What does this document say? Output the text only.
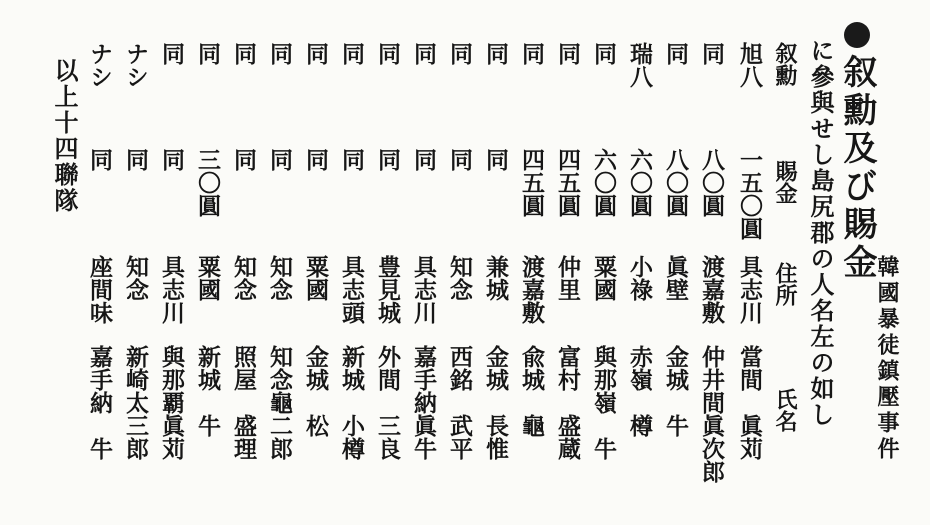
叙勳及び賜金
韓國暴徒鎮壓事件
に參與せし島尻郡の人名左の如し
叙勳
賜金
住所
氏名
旭八
一五〇圓
具志川
當間　眞苅
同
八〇圓
渡嘉敷
仲井間眞次郎
同
八〇圓
眞壁
金城　牛
瑞八
六〇圓
小祿
赤嶺　樽
同
六〇圓
粟國
與那嶺　牛
同
四五圓
仲里
富村　盛蔵
同
四五圓
渡嘉敷
兪城　龜
同
同
兼城
金城　長惟
同
同
知念
西銘　武平
同
同
具志川
嘉手納眞牛
同
同
豊見城
外間　三良
同
同
具志頭
新城　小樽
同
同
粟國
金城　松
同
同
知念
知念龜二郎
同
同
知念
照屋　盛理
同
三〇圓
粟國
新城　牛
同
同
具志川
與那覇眞苅
ナシ
同
知念
新崎太三郎
ナシ
同
座間味
嘉手納　牛
以上十四聯隊
